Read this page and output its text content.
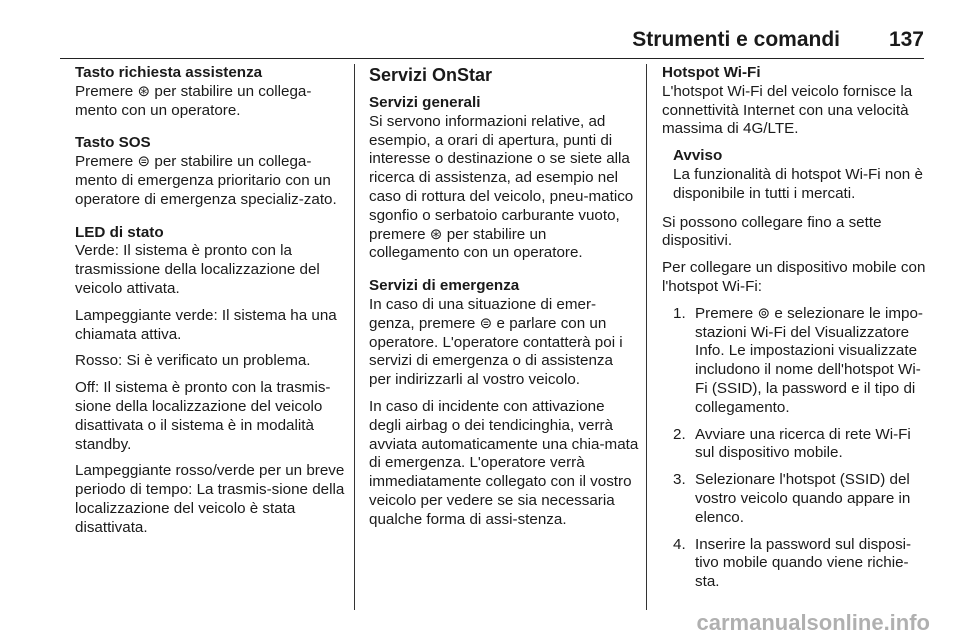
Strumenti e comandi 137

Tasto richiesta assistenza

Premere ⊛ per stabilire un collega-mento con un operatore.

Tasto SOS

Premere ⊜ per stabilire un collega-mento di emergenza prioritario con un operatore di emergenza specializ-zato.

LED di stato

Verde: Il sistema è pronto con la trasmissione della localizzazione del veicolo attivata.

Lampeggiante verde: Il sistema ha una chiamata attiva.

Rosso: Si è verificato un problema.

Off: Il sistema è pronto con la trasmis-sione della localizzazione del veicolo disattivata o il sistema è in modalità standby.

Lampeggiante rosso/verde per un breve periodo di tempo: La trasmis-sione della localizzazione del veicolo è stata disattivata.

Servizi OnStar

Servizi generali

Si servono informazioni relative, ad esempio, a orari di apertura, punti di interesse o destinazione o se siete alla ricerca di assistenza, ad esempio nel caso di rottura del veicolo, pneu-matico sgonfio o serbatoio carburante vuoto, premere ⊛ per stabilire un collegamento con un operatore.

Servizi di emergenza

In caso di una situazione di emer-genza, premere ⊜ e parlare con un operatore. L'operatore contatterà poi i servizi di emergenza o di assistenza per indirizzarli al vostro veicolo.

In caso di incidente con attivazione degli airbag o dei tendicinghia, verrà avviata automaticamente una chia-mata di emergenza. L'operatore verrà immediatamente collegato con il vostro veicolo per vedere se sia necessaria qualche forma di assi-stenza.

Hotspot Wi-Fi

L'hotspot Wi-Fi del veicolo fornisce la connettività Internet con una velocità massima di 4G/LTE.

Avviso

La funzionalità di hotspot Wi-Fi non è disponibile in tutti i mercati.

Si possono collegare fino a sette dispositivi.

Per collegare un dispositivo mobile con l'hotspot Wi-Fi:

1. Premere ⊚ e selezionare le impo-stazioni Wi-Fi del Visualizzatore Info. Le impostazioni visualizzate includono il nome dell'hotspot Wi-Fi (SSID), la password e il tipo di collegamento.
2. Avviare una ricerca di rete Wi-Fi sul dispositivo mobile.
3. Selezionare l'hotspot (SSID) del vostro veicolo quando appare in elenco.
4. Inserire la password sul disposi-tivo mobile quando viene richie-sta.
carmanualsonline.info
